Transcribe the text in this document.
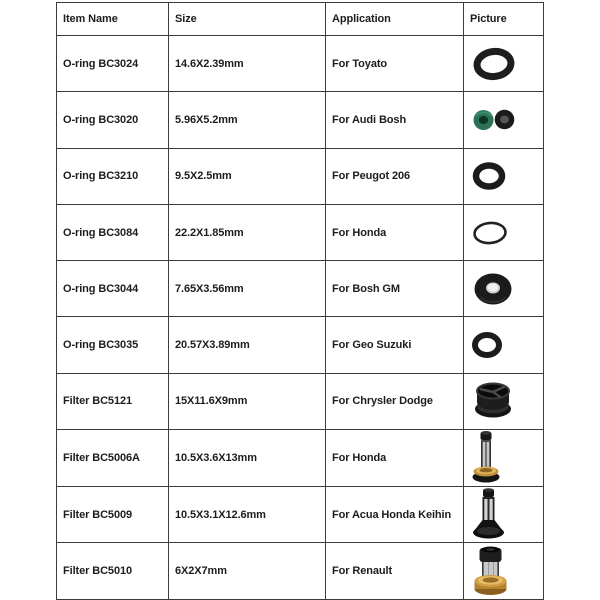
Item Name	Size	Application	Picture
O-ring BC3024	14.6X2.39mm	For Toyato	

O-ring BC3020	5.96X5.2mm	For Audi Bosh	

O-ring BC3210	9.5X2.5mm	For Peugot 206	

O-ring BC3084	22.2X1.85mm	For Honda	

O-ring BC3044	7.65X3.56mm	For Bosh GM	

O-ring BC3035	20.57X3.89mm	For Geo Suzuki	

Filter BC5121	15X11.6X9mm	For Chrysler Dodge	

Filter BC5006A	10.5X3.6X13mm	For Honda	

Filter BC5009	10.5X3.1X12.6mm	For Acua Honda Keihin	

Filter BC5010	6X2X7mm	For Renault	
